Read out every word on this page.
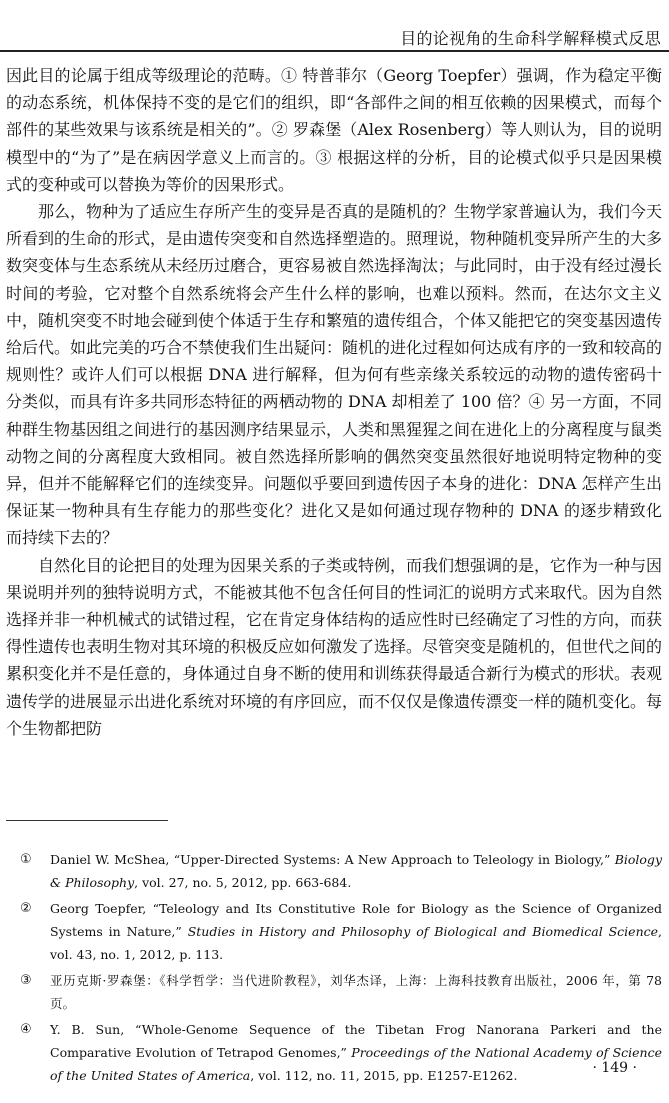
目的论视角的生命科学解释模式反思

因此目的论属于组成等级理论的范畴。① 特普菲尔（Georg Toepfer）强调，作为稳定平衡的动态系统，机体保持不变的是它们的组织，即“各部件之间的相互依赖的因果模式，而每个部件的某些效果与该系统是相关的”。② 罗森堡（Alex Rosenberg）等人则认为，目的说明模型中的“为了”是在病因学意义上而言的。③ 根据这样的分析，目的论模式似乎只是因果模式的变种或可以替换为等价的因果形式。

那么，物种为了适应生存所产生的变异是否真的是随机的？生物学家普遍认为，我们今天所看到的生命的形式，是由遗传突变和自然选择塑造的。照理说，物种随机变异所产生的大多数突变体与生态系统从未经历过磨合，更容易被自然选择淘汰；与此同时，由于没有经过漫长时间的考验，它对整个自然系统将会产生什么样的影响，也难以预料。然而，在达尔文主义中，随机突变不时地会碰到使个体适于生存和繁殖的遗传组合，个体又能把它的突变基因遗传给后代。如此完美的巧合不禁使我们生出疑问：随机的进化过程如何达成有序的一致和较高的规则性？或许人们可以根据 DNA 进行解释，但为何有些亲缘关系较远的动物的遗传密码十分类似，而具有许多共同形态特征的两栖动物的 DNA 却相差了 100 倍？④ 另一方面，不同种群生物基因组之间进行的基因测序结果显示，人类和黑猩猩之间在进化上的分离程度与鼠类动物之间的分离程度大致相同。被自然选择所影响的偶然突变虽然很好地说明特定物种的变异，但并不能解释它们的连续变异。问题似乎要回到遗传因子本身的进化：DNA 怎样产生出保证某一物种具有生存能力的那些变化？进化又是如何通过现存物种的 DNA 的逐步精致化而持续下去的？

自然化目的论把目的处理为因果关系的子类或特例，而我们想强调的是，它作为一种与因果说明并列的独特说明方式，不能被其他不包含任何目的性词汇的说明方式来取代。因为自然选择并非一种机械式的试错过程，它在肯定身体结构的适应性时已经确定了习性的方向，而获得性遗传也表明生物对其环境的积极反应如何激发了选择。尽管突变是随机的，但世代之间的累积变化并不是任意的，身体通过自身不断的使用和训练获得最适合新行为模式的形状。表观遗传学的进展显示出进化系统对环境的有序回应，而不仅仅是像遗传漂变一样的随机变化。每个生物都把防

①	Daniel W. McShea, “Upper-Directed Systems: A New Approach to Teleology in Biology,” Biology & Philosophy, vol. 27, no. 5, 2012, pp. 663-684.
②	Georg Toepfer, “Teleology and Its Constitutive Role for Biology as the Science of Organized Systems in Nature,” Studies in History and Philosophy of Biological and Biomedical Science, vol. 43, no. 1, 2012, p. 113.
③	亚历克斯·罗森堡：《科学哲学：当代进阶教程》，刘华杰译，上海：上海科技教育出版社，2006 年，第 78 页。
④	Y. B. Sun, “Whole-Genome Sequence of the Tibetan Frog Nanorana Parkeri and the Comparative Evolution of Tetrapod Genomes,” Proceedings of the National Academy of Science of the United States of America, vol. 112, no. 11, 2015, pp. E1257-E1262.	· 149 ·
